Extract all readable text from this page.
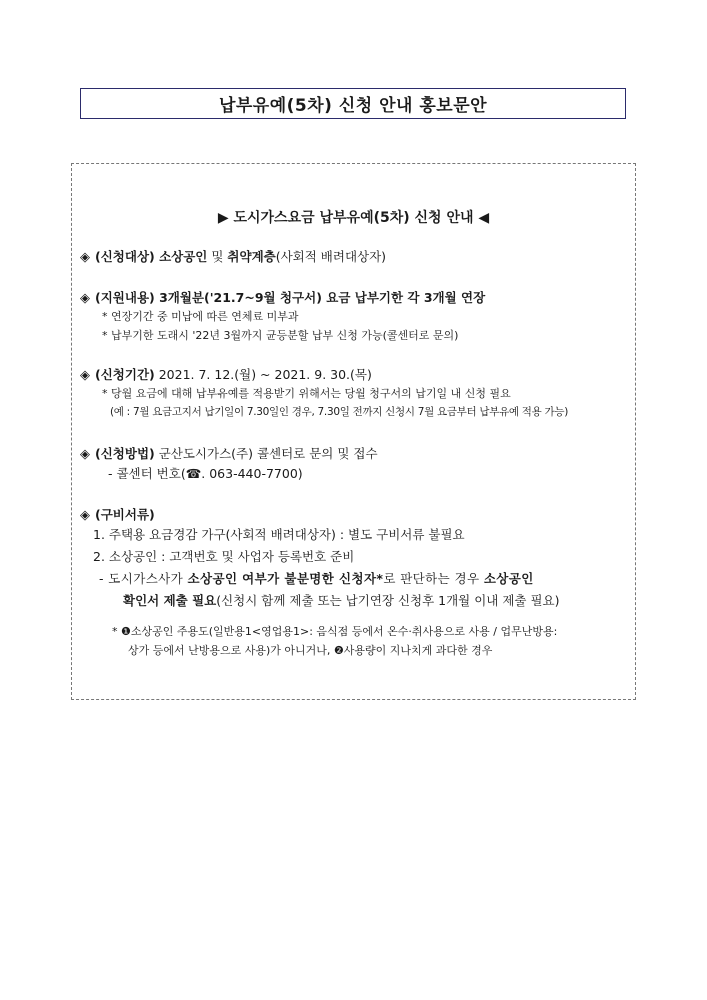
납부유예(5차) 신청 안내 홍보문안
▶ 도시가스요금 납부유예(5차) 신청 안내 ◀
◈ (신청대상) 소상공인 및 취약계층(사회적 배려대상자)
◈ (지원내용) 3개월분('21.7~9월 청구서) 요금 납부기한 각 3개월 연장
* 연장기간 중 미납에 따른 연체료 미부과
* 납부기한 도래시 '22년 3월까지 균등분할 납부 신청 가능(콜센터로 문의)
◈ (신청기간) 2021. 7. 12.(월) ~ 2021. 9. 30.(목)
* 당월 요금에 대해 납부유예를 적용받기 위해서는 당월 청구서의 납기일 내 신청 필요
(예 : 7월 요금고지서 납기일이 7.30일인 경우, 7.30일 전까지 신청시 7월 요금부터 납부유예 적용 가능)
◈ (신청방법) 군산도시가스(주) 콜센터로 문의 및 접수
- 콜센터 번호(☎. 063-440-7700)
◈ (구비서류)
1. 주택용 요금경감 가구(사회적 배려대상자) : 별도 구비서류 불필요
2. 소상공인 : 고객번호 및 사업자 등록번호 준비
- 도시가스사가 소상공인 여부가 불분명한 신청자*로 판단하는 경우 소상공인
확인서 제출 필요(신청시 함께 제출 또는 납기연장 신청후 1개월 이내 제출 필요)
* ❶소상공인 주용도(일반용1<영업용1>: 음식점 등에서 온수·취사용으로 사용 / 업무난방용:
상가 등에서 난방용으로 사용)가 아니거나, ❷사용량이 지나치게 과다한 경우
